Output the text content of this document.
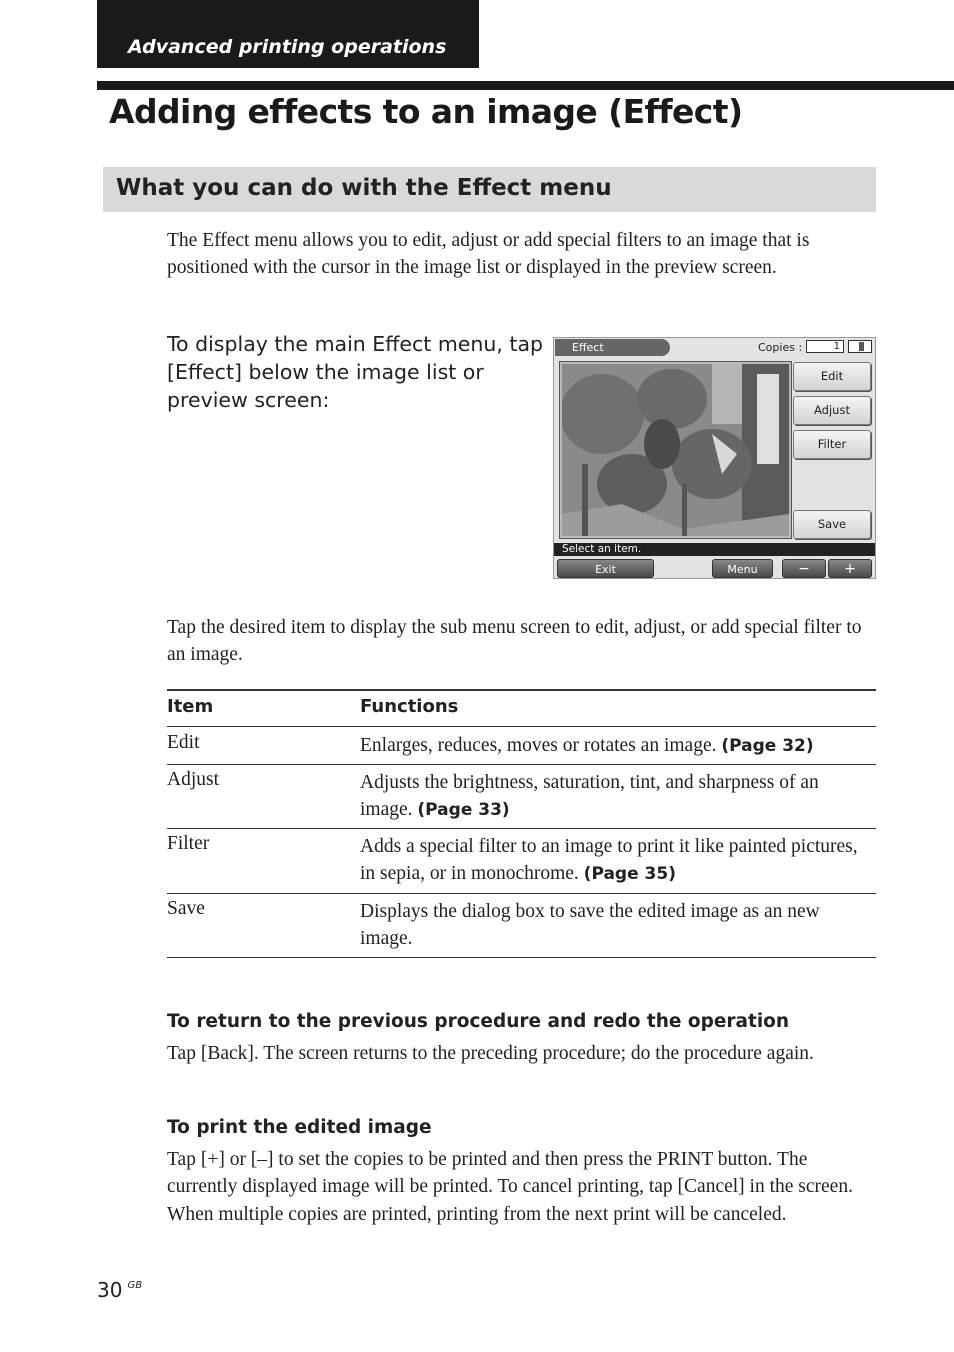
Advanced printing operations
Adding effects to an image (Effect)
What you can do with the Effect menu
The Effect menu allows you to edit, adjust or add special filters to an image that is positioned with the cursor in the image list or displayed in the preview screen.
To display the main Effect menu, tap [Effect] below the image list or preview screen:
Effect	Copies :	1
Edit
Adjust
Filter
Save
Select an item.
Exit	Menu	−	+
Tap the desired item to display the sub menu screen to edit, adjust, or add special filter to an image.
Item	Functions
Edit	Enlarges, reduces, moves or rotates an image. (Page 32)
Adjust	Adjusts the brightness, saturation, tint, and sharpness of an image. (Page 33)
Filter	Adds a special filter to an image to print it like painted pictures, in sepia, or in monochrome. (Page 35)
Save	Displays the dialog box to save the edited image as an new image.
To return to the previous procedure and redo the operation
Tap [Back]. The screen returns to the preceding procedure; do the procedure again.
To print the edited image
Tap [+] or [–] to set the copies to be printed and then press the PRINT button. The currently displayed image will be printed. To cancel printing, tap [Cancel] in the screen. When multiple copies are printed, printing from the next print will be canceled.
30 $^{GB}$
